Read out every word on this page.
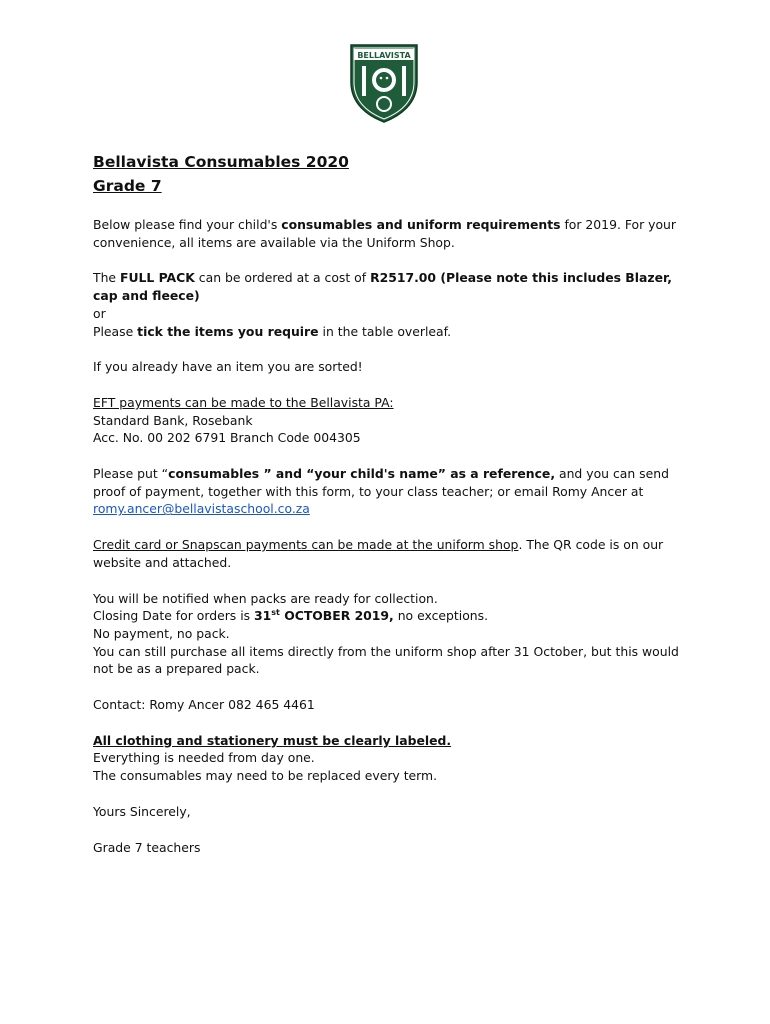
BELLAVISTA
Bellavista Consumables 2020
Grade 7

Below please find your child's consumables and uniform requirements for 2019. For your convenience, all items are available via the Uniform Shop.

The FULL PACK can be ordered at a cost of R2517.00 (Please note this includes Blazer, cap and fleece)

or

Please tick the items you require in the table overleaf.

If you already have an item you are sorted!

EFT payments can be made to the Bellavista PA:

Standard Bank, Rosebank

Acc. No. 00 202 6791 Branch Code 004305

Please put “consumables ” and “your child's name” as a reference, and you can send proof of payment, together with this form, to your class teacher; or email Romy Ancer at romy.ancer@bellavistaschool.co.za

Credit card or Snapscan payments can be made at the uniform shop. The QR code is on our website and attached.

You will be notified when packs are ready for collection.

Closing Date for orders is 31st OCTOBER 2019, no exceptions.

No payment, no pack.

You can still purchase all items directly from the uniform shop after 31 October, but this would not be as a prepared pack.

Contact: Romy Ancer 082 465 4461

All clothing and stationery must be clearly labeled.

Everything is needed from day one.

The consumables may need to be replaced every term.

Yours Sincerely,

Grade 7 teachers
